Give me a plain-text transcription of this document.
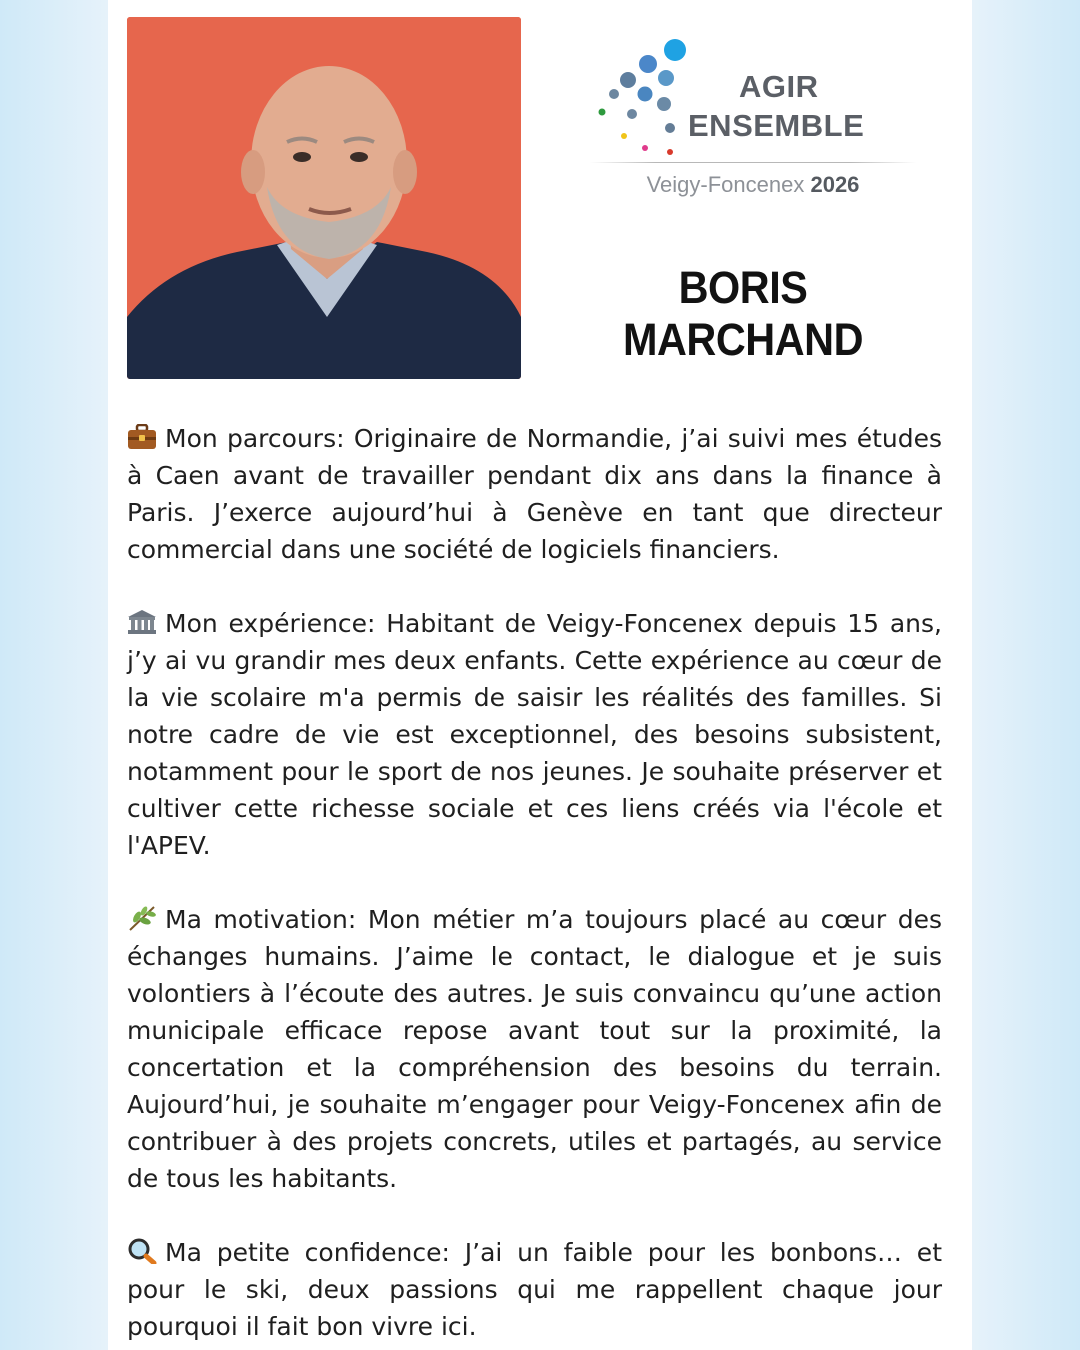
AGIR
ENSEMBLE
Veigy-Foncenex 2026
BORIS MARCHAND
Mon parcours: Originaire de Normandie, j’ai suivi mes études à Caen avant de travailler pendant dix ans dans la finance à Paris. J’exerce aujourd’hui à Genève en tant que directeur commercial dans une société de logiciels financiers.
Mon expérience: Habitant de Veigy-Foncenex depuis 15 ans, j’y ai vu grandir mes deux enfants. Cette expérience au cœur de la vie scolaire m'a permis de saisir les réalités des familles. Si notre cadre de vie est exceptionnel, des besoins subsistent, notamment pour le sport de nos jeunes. Je souhaite préserver et cultiver cette richesse sociale et ces liens créés via l'école et l'APEV.
Ma motivation: Mon métier m’a toujours placé au cœur des échanges humains. J’aime le contact, le dialogue et je suis volontiers à l’écoute des autres. Je suis convaincu qu’une action municipale efficace repose avant tout sur la proximité, la concertation et la compréhension des besoins du terrain. Aujourd’hui, je souhaite m’engager pour Veigy-Foncenex afin de contribuer à des projets concrets, utiles et partagés, au service de tous les habitants.
Ma petite confidence: J’ai un faible pour les bonbons… et pour le ski, deux passions qui me rappellent chaque jour pourquoi il fait bon vivre ici.
